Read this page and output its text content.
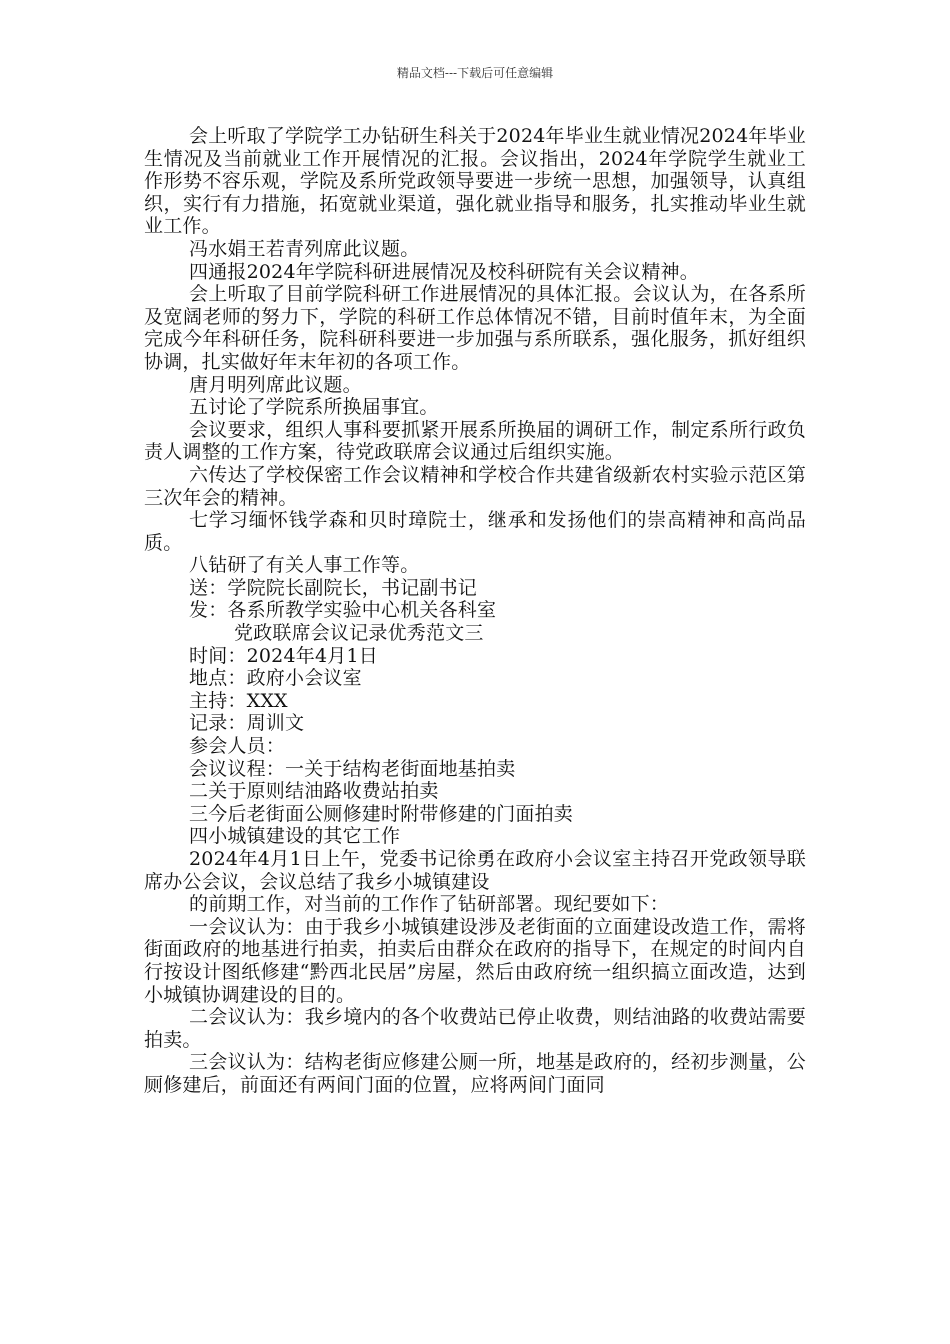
精品文档---下载后可任意编辑

会上听取了学院学工办钻研生科关于2024年毕业生就业情况2024年毕业生情况及当前就业工作开展情况的汇报。会议指出，2024年学院学生就业工作形势不容乐观，学院及系所党政领导要进一步统一思想，加强领导，认真组织，实行有力措施，拓宽就业渠道，强化就业指导和服务，扎实推动毕业生就业工作。

冯水娟王若青列席此议题。

四通报2024年学院科研进展情况及校科研院有关会议精神。

会上听取了目前学院科研工作进展情况的具体汇报。会议认为，在各系所及宽阔老师的努力下，学院的科研工作总体情况不错，目前时值年末，为全面完成今年科研任务，院科研科要进一步加强与系所联系，强化服务，抓好组织协调，扎实做好年末年初的各项工作。

唐月明列席此议题。

五讨论了学院系所换届事宜。

会议要求，组织人事科要抓紧开展系所换届的调研工作，制定系所行政负责人调整的工作方案，待党政联席会议通过后组织实施。

六传达了学校保密工作会议精神和学校合作共建省级新农村实验示范区第三次年会的精神。

七学习缅怀钱学森和贝时璋院士，继承和发扬他们的崇高精神和高尚品质。

八钻研了有关人事工作等。

送：学院院长副院长，书记副书记

发：各系所教学实验中心机关各科室

党政联席会议记录优秀范文三

时间：2024年4月1日

地点：政府小会议室

主持：XXX

记录：周训文

参会人员：

会议议程：一关于结构老街面地基拍卖

二关于原则结油路收费站拍卖

三今后老街面公厕修建时附带修建的门面拍卖

四小城镇建设的其它工作

2024年4月1日上午，党委书记徐勇在政府小会议室主持召开党政领导联席办公会议，会议总结了我乡小城镇建设

的前期工作，对当前的工作作了钻研部署。现纪要如下：

一会议认为：由于我乡小城镇建设涉及老街面的立面建设改造工作，需将街面政府的地基进行拍卖，拍卖后由群众在政府的指导下，在规定的时间内自行按设计图纸修建“黔西北民居”房屋，然后由政府统一组织搞立面改造，达到小城镇协调建设的目的。

二会议认为：我乡境内的各个收费站已停止收费，则结油路的收费站需要拍卖。

三会议认为：结构老街应修建公厕一所，地基是政府的，经初步测量，公厕修建后，前面还有两间门面的位置，应将两间门面同
